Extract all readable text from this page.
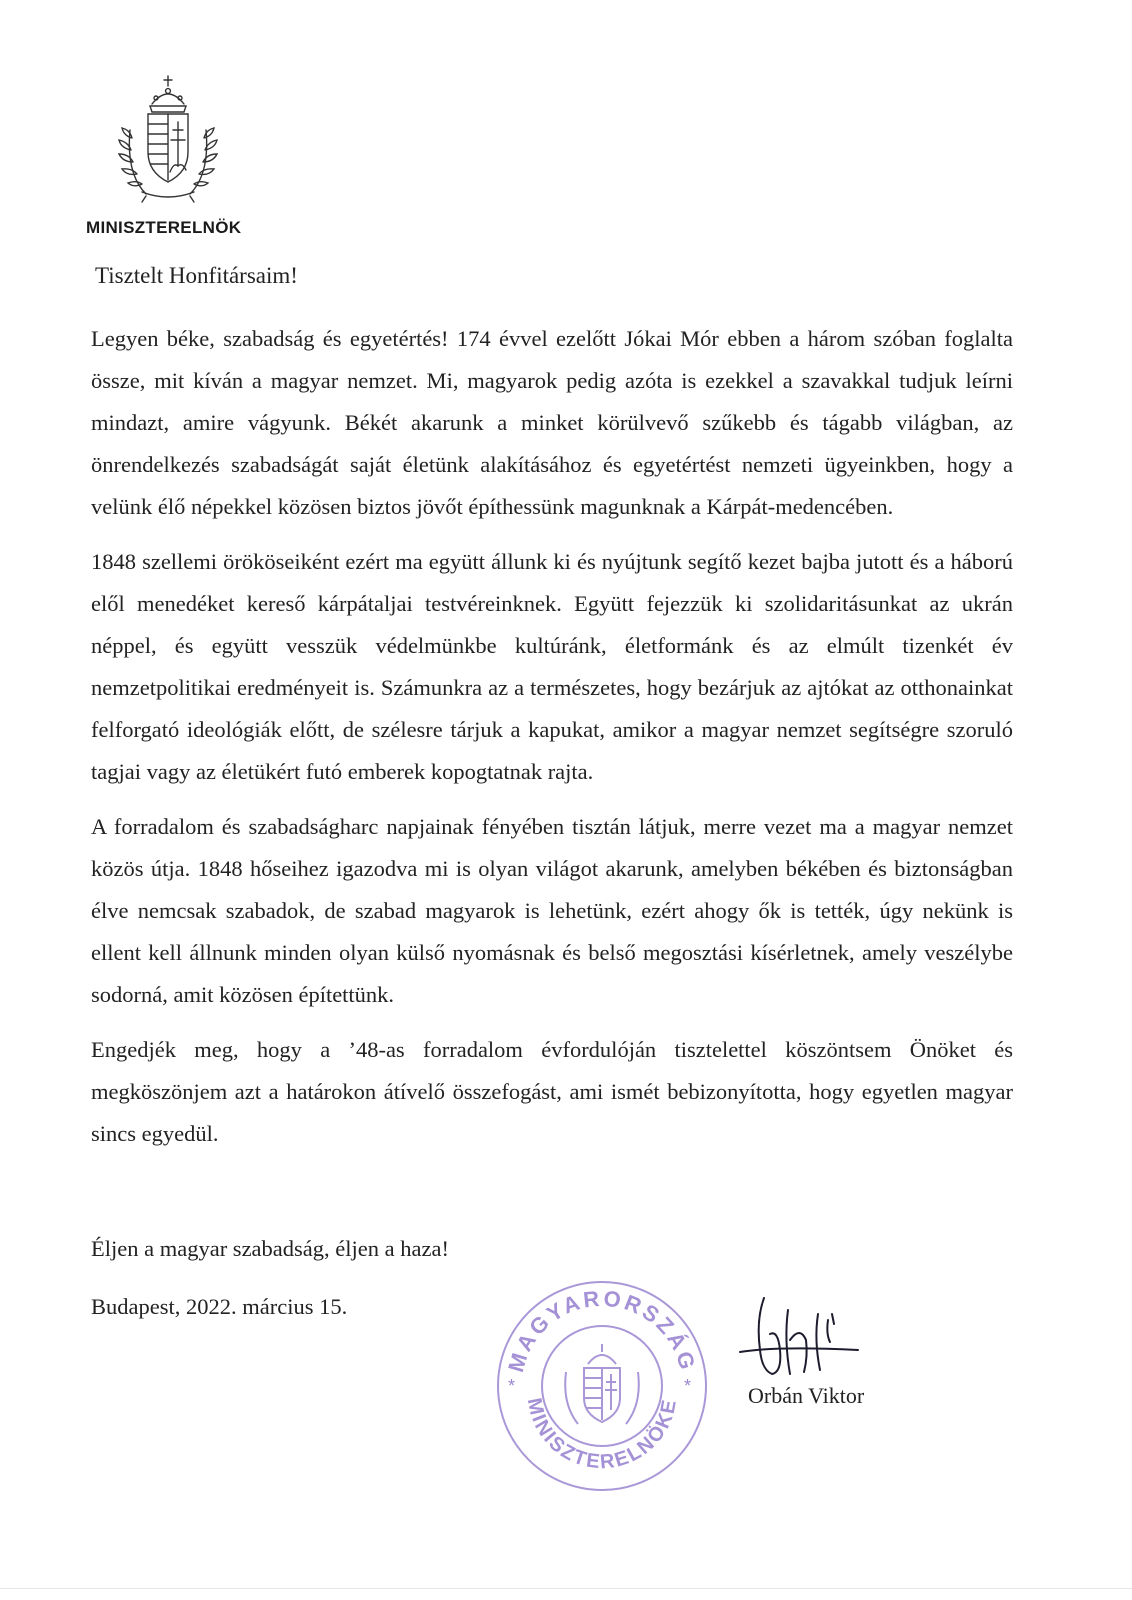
MINISZTERELNÖK
Tisztelt Honfitársaim!

Legyen béke, szabadság és egyetértés! 174 évvel ezelőtt Jókai Mór ebben a három szóban foglalta össze, mit kíván a magyar nemzet. Mi, magyarok pedig azóta is ezekkel a szavakkal tudjuk leírni mindazt, amire vágyunk. Békét akarunk a minket körülvevő szűkebb és tágabb világban, az önrendelkezés szabadságát saját életünk alakításához és egyetértést nemzeti ügyeinkben, hogy a velünk élő népekkel közösen biztos jövőt építhessünk magunknak a Kárpát-medencében.

1848 szellemi örököseiként ezért ma együtt állunk ki és nyújtunk segítő kezet bajba jutott és a háború elől menedéket kereső kárpátaljai testvéreinknek. Együtt fejezzük ki szolidaritásunkat az ukrán néppel, és együtt vesszük védelmünkbe kultúránk, életformánk és az elmúlt tizenkét év nemzetpolitikai eredményeit is. Számunkra az a természetes, hogy bezárjuk az ajtókat az otthonainkat felforgató ideológiák előtt, de szélesre tárjuk a kapukat, amikor a magyar nemzet segítségre szoruló tagjai vagy az életükért futó emberek kopogtatnak rajta.

A forradalom és szabadságharc napjainak fényében tisztán látjuk, merre vezet ma a magyar nemzet közös útja. 1848 hőseihez igazodva mi is olyan világot akarunk, amelyben békében és biztonságban élve nemcsak szabadok, de szabad magyarok is lehetünk, ezért ahogy ők is tették, úgy nekünk is ellent kell állnunk minden olyan külső nyomásnak és belső megosztási kísérletnek, amely veszélybe sodorná, amit közösen építettünk.

Engedjék meg, hogy a ’48-as forradalom évfordulóján tisztelettel köszöntsem Önöket és megköszönjem azt a határokon átívelő összefogást, ami ismét bebizonyította, hogy egyetlen magyar sincs egyedül.

Éljen a magyar szabadság, éljen a haza!
Budapest, 2022. március 15.
MAGYARORSZÁG
MINISZTERELNÖKE
*	*	Orbán Viktor
